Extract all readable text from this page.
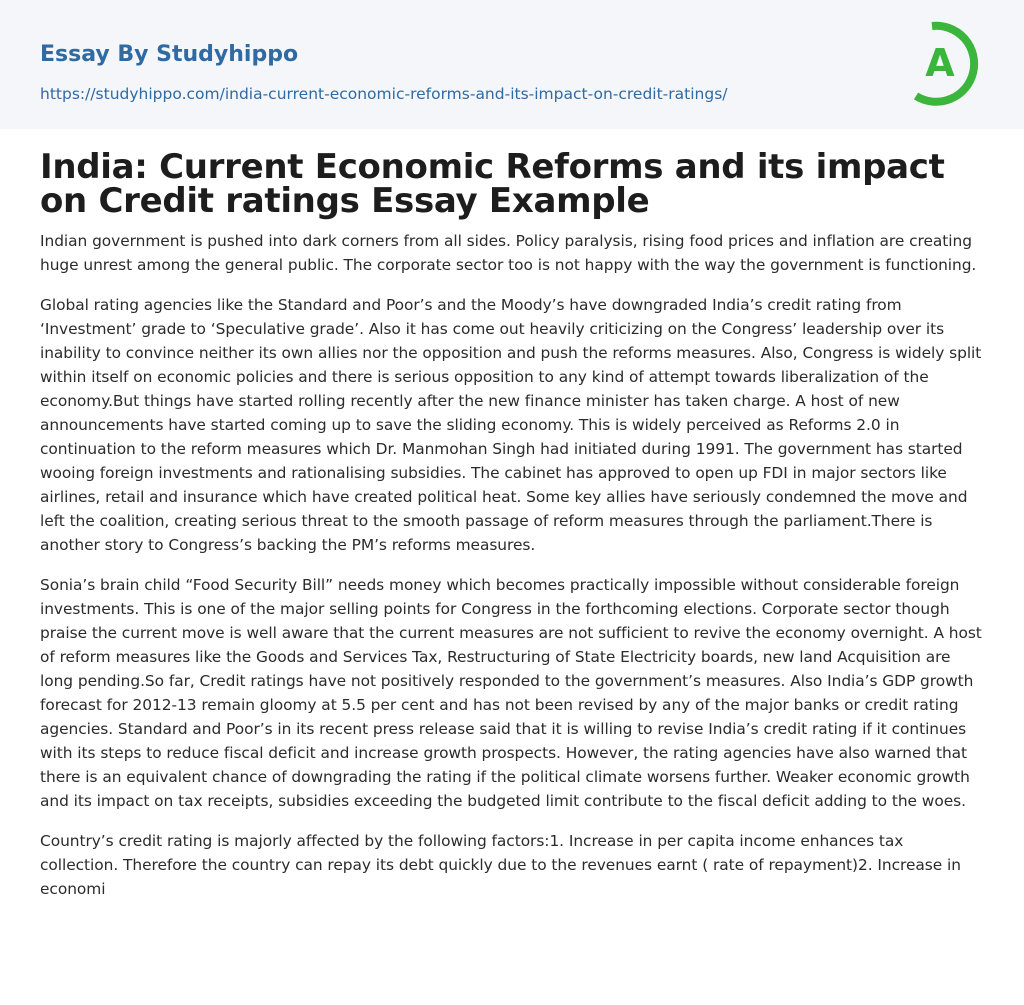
Essay By Studyhippo
https://studyhippo.com/india-current-economic-reforms-and-its-impact-on-credit-ratings/
A
India: Current Economic Reforms and its impact on Credit ratings Essay Example

Indian government is pushed into dark corners from all sides. Policy paralysis, rising food prices and inflation are creating huge unrest among the general public. The corporate sector too is not happy with the way the government is functioning.

Global rating agencies like the Standard and Poor’s and the Moody’s have downgraded India’s credit rating from ‘Investment’ grade to ‘Speculative grade’. Also it has come out heavily criticizing on the Congress’ leadership over its inability to convince neither its own allies nor the opposition and push the reforms measures. Also, Congress is widely split within itself on economic policies and there is serious opposition to any kind of attempt towards liberalization of the economy.But things have started rolling recently after the new finance minister has taken charge. A host of new announcements have started coming up to save the sliding economy. This is widely perceived as Reforms 2.0 in continuation to the reform measures which Dr. Manmohan Singh had initiated during 1991. The government has started wooing foreign investments and rationalising subsidies. The cabinet has approved to open up FDI in major sectors like airlines, retail and insurance which have created political heat. Some key allies have seriously condemned the move and left the coalition, creating serious threat to the smooth passage of reform measures through the parliament.There is another story to Congress’s backing the PM’s reforms measures.

Sonia’s brain child “Food Security Bill” needs money which becomes practically impossible without considerable foreign investments. This is one of the major selling points for Congress in the forthcoming elections. Corporate sector though praise the current move is well aware that the current measures are not sufficient to revive the economy overnight. A host of reform measures like the Goods and Services Tax, Restructuring of State Electricity boards, new land Acquisition are long pending.So far, Credit ratings have not positively responded to the government’s measures. Also India’s GDP growth forecast for 2012-13 remain gloomy at 5.5 per cent and has not been revised by any of the major banks or credit rating agencies. Standard and Poor’s in its recent press release said that it is willing to revise India’s credit rating if it continues with its steps to reduce fiscal deficit and increase growth prospects. However, the rating agencies have also warned that there is an equivalent chance of downgrading the rating if the political climate worsens further. Weaker economic growth and its impact on tax receipts, subsidies exceeding the budgeted limit contribute to the fiscal deficit adding to the woes.

Country’s credit rating is majorly affected by the following factors:1. Increase in per capita income enhances tax collection. Therefore the country can repay its debt quickly due to the revenues earnt ( rate of repayment)2. Increase in economi
